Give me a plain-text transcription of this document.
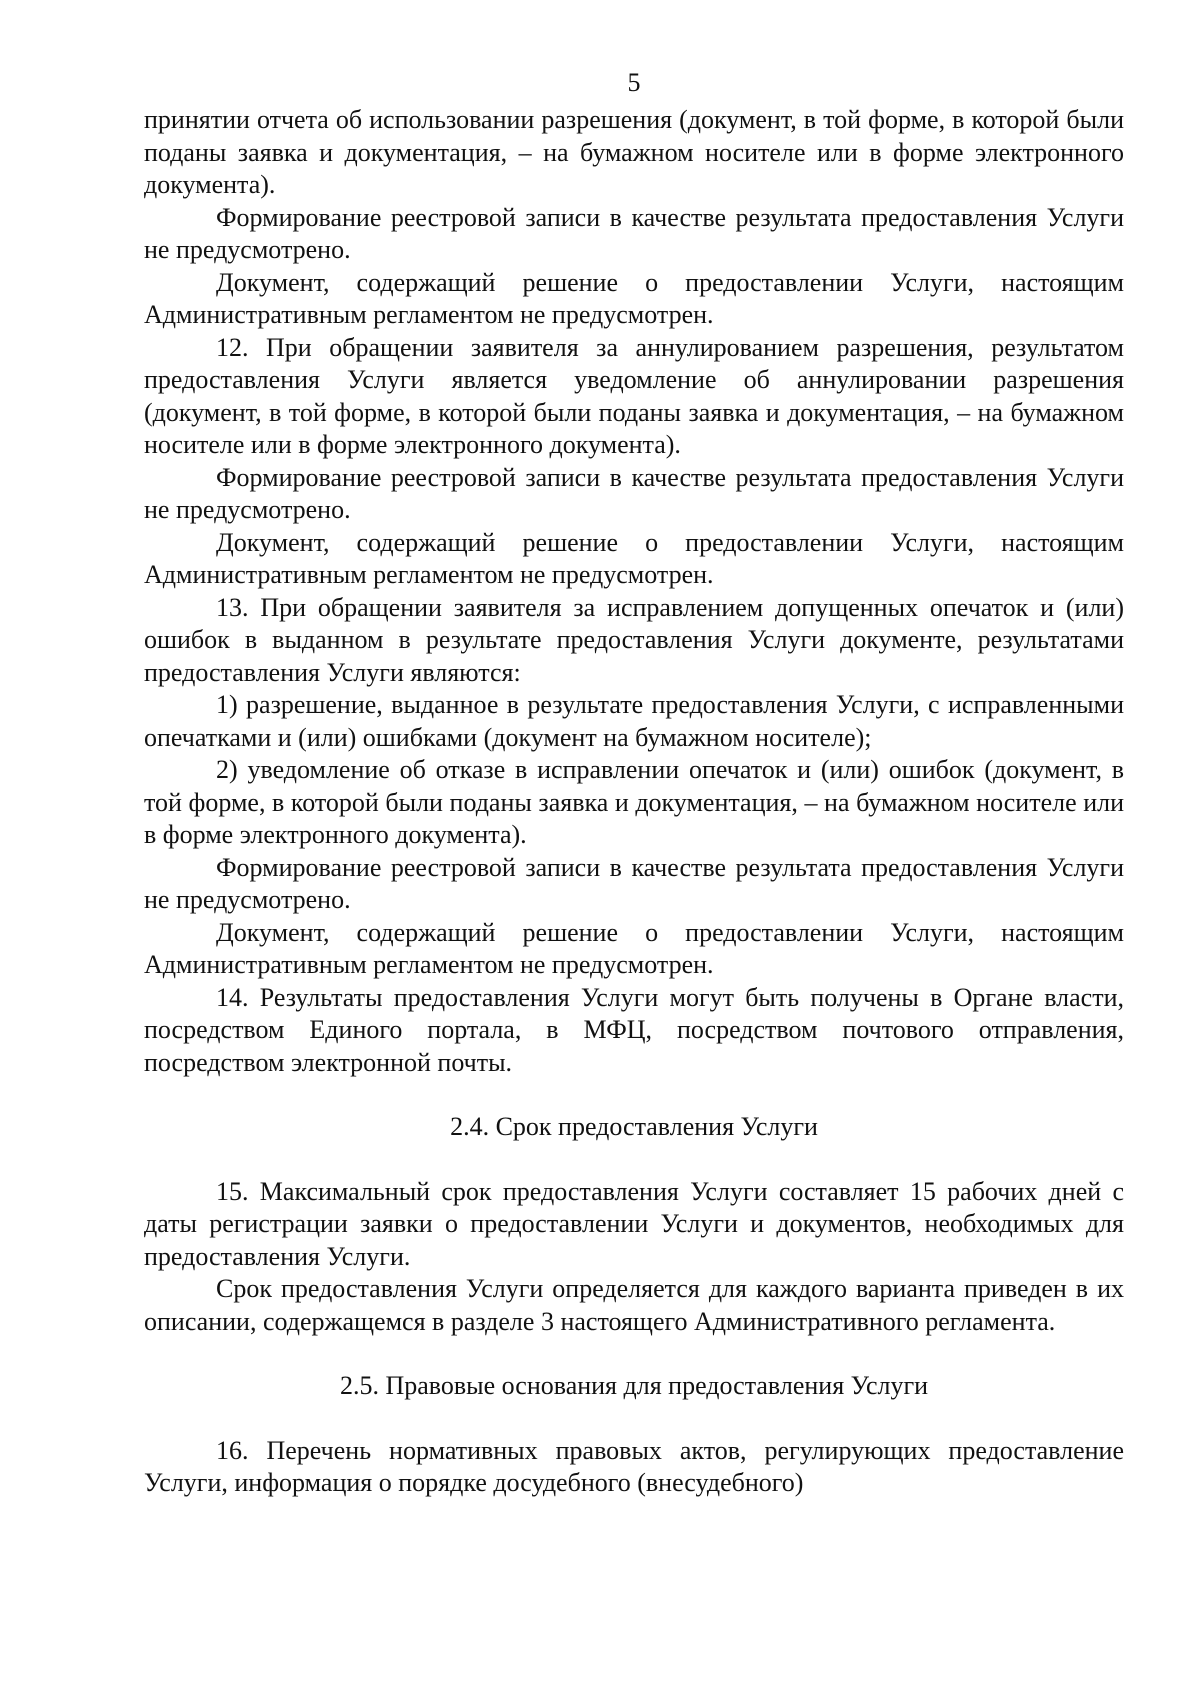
5

принятии отчета об использовании разрешения (документ, в той форме, в которой были поданы заявка и документация, – на бумажном носителе или в форме электронного документа).

Формирование реестровой записи в качестве результата предоставления Услуги не предусмотрено.

Документ, содержащий решение о предоставлении Услуги, настоящим Административным регламентом не предусмотрен.

12. При обращении заявителя за аннулированием разрешения, результатом предоставления Услуги является уведомление об аннулировании разрешения (документ, в той форме, в которой были поданы заявка и документация, – на бумажном носителе или в форме электронного документа).

Формирование реестровой записи в качестве результата предоставления Услуги не предусмотрено.

Документ, содержащий решение о предоставлении Услуги, настоящим Административным регламентом не предусмотрен.

13. При обращении заявителя за исправлением допущенных опечаток и (или) ошибок в выданном в результате предоставления Услуги документе, результатами предоставления Услуги являются:

1) разрешение, выданное в результате предоставления Услуги, с исправленными опечатками и (или) ошибками (документ на бумажном носителе);

2) уведомление об отказе в исправлении опечаток и (или) ошибок (документ, в той форме, в которой были поданы заявка и документация, – на бумажном носителе или в форме электронного документа).

Формирование реестровой записи в качестве результата предоставления Услуги не предусмотрено.

Документ, содержащий решение о предоставлении Услуги, настоящим Административным регламентом не предусмотрен.

14. Результаты предоставления Услуги могут быть получены в Органе власти, посредством Единого портала, в МФЦ, посредством почтового отправления, посредством электронной почты.

2.4. Срок предоставления Услуги

15. Максимальный срок предоставления Услуги составляет 15 рабочих дней с даты регистрации заявки о предоставлении Услуги и документов, необходимых для предоставления Услуги.

Срок предоставления Услуги определяется для каждого варианта приведен в их описании, содержащемся в разделе 3 настоящего Административного регламента.

2.5. Правовые основания для предоставления Услуги

16. Перечень нормативных правовых актов, регулирующих предоставление Услуги, информация о порядке досудебного (внесудебного)
